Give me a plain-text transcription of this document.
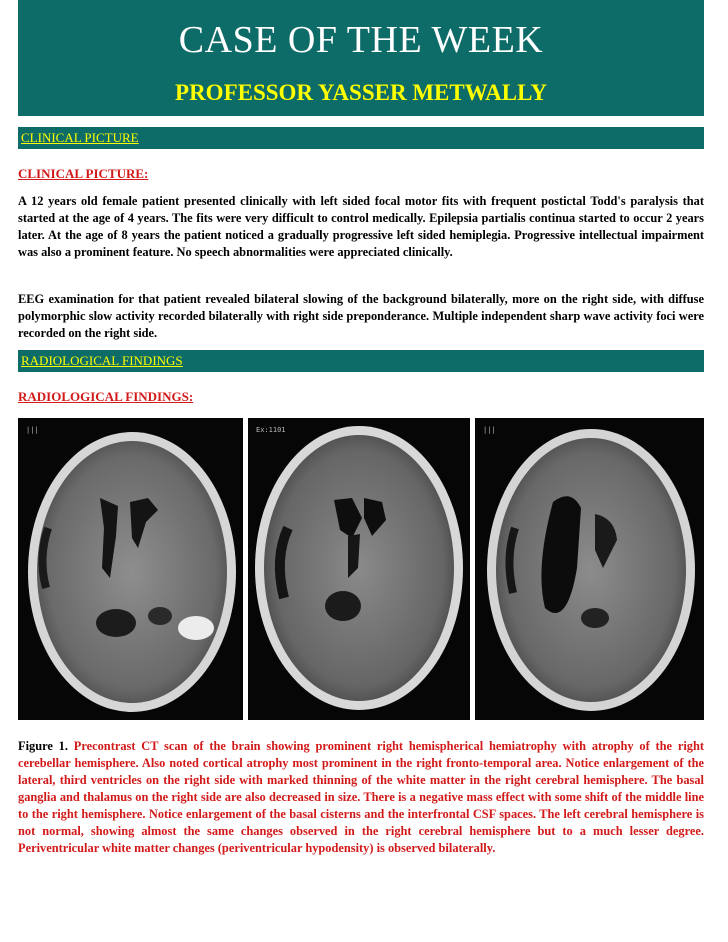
CASE OF THE WEEK
PROFESSOR YASSER METWALLY
CLINICAL PICTURE
CLINICAL PICTURE:

A 12 years old female patient presented clinically with left sided focal motor fits with frequent postictal Todd's paralysis that started at the age of 4 years. The fits were very difficult to control medically. Epilepsia partialis continua started to occur 2 years later. At the age of 8 years the patient noticed a gradually progressive left sided hemiplegia. Progressive intellectual impairment was also a prominent feature. No speech abnormalities were appreciated clinically.

EEG examination for that patient revealed bilateral slowing of the background bilaterally, more on the right side, with diffuse polymorphic slow activity recorded bilaterally with right side preponderance. Multiple independent sharp wave activity foci were recorded on the right side.

RADIOLOGICAL FINDINGS
RADIOLOGICAL FINDINGS:
|||	Ex:1101	|||

Figure 1. Precontrast CT scan of the brain showing prominent right hemispherical hemiatrophy with atrophy of the right cerebellar hemisphere. Also noted cortical atrophy most prominent in the right fronto-temporal area. Notice enlargement of the lateral, third ventricles on the right side with marked thinning of the white matter in the right cerebral hemisphere. The basal ganglia and thalamus on the right side are also decreased in size. There is a negative mass effect with some shift of the middle line to the right hemisphere. Notice enlargement of the basal cisterns and the interfrontal CSF spaces. The left cerebral hemisphere is not normal, showing almost the same changes observed in the right cerebral hemisphere but to a much lesser degree. Periventricular white matter changes (periventricular hypodensity) is observed bilaterally.
